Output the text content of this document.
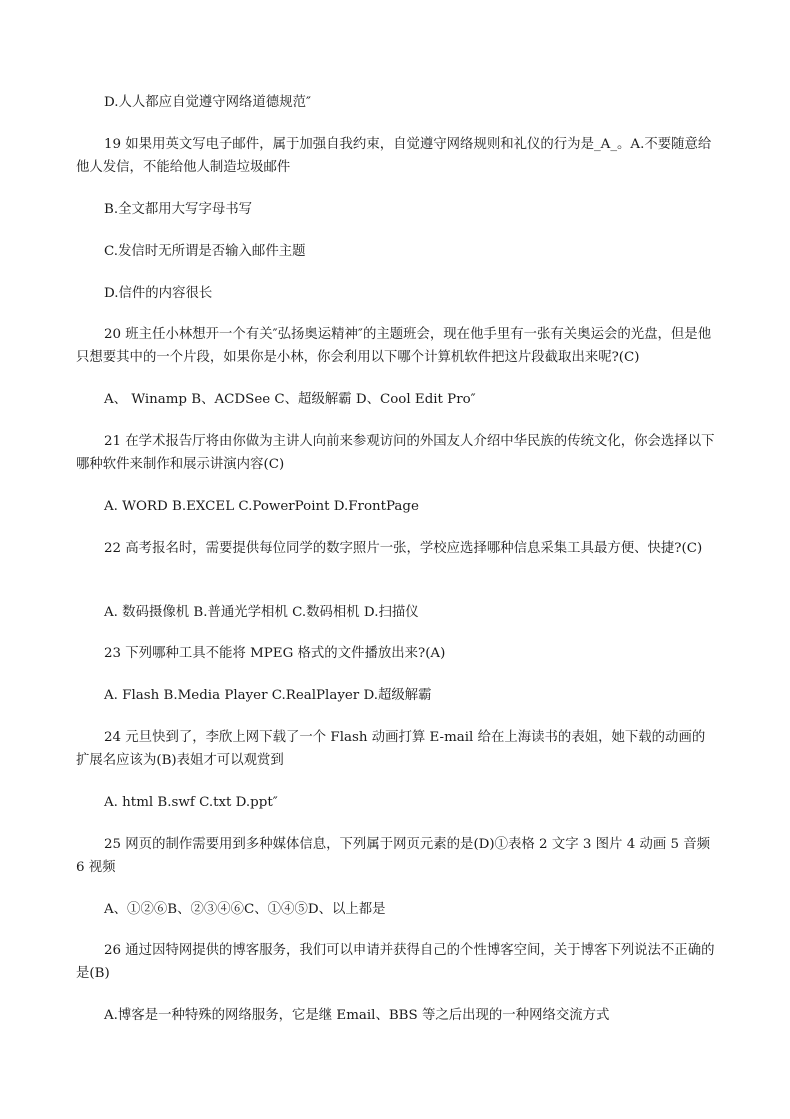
D.人人都应自觉遵守网络道德规范″
19 如果用英文写电子邮件，属于加强自我约束，自觉遵守网络规则和礼仪的行为是_A_。A.不要随意给他人发信，不能给他人制造垃圾邮件
B.全文都用大写字母书写
C.发信时无所谓是否输入邮件主题
D.信件的内容很长
20 班主任小林想开一个有关″弘扬奥运精神″的主题班会，现在他手里有一张有关奥运会的光盘，但是他只想要其中的一个片段，如果你是小林，你会利用以下哪个计算机软件把这片段截取出来呢?(C)
A、 Winamp B、ACDSee C、超级解霸 D、Cool Edit Pro″
21 在学术报告厅将由你做为主讲人向前来参观访问的外国友人介绍中华民族的传统文化，你会选择以下哪种软件来制作和展示讲演内容(C)
A. WORD B.EXCEL C.PowerPoint D.FrontPage
22 高考报名时，需要提供每位同学的数字照片一张，学校应选择哪种信息采集工具最方便、快捷?(C)
A. 数码摄像机 B.普通光学相机 C.数码相机 D.扫描仪
23 下列哪种工具不能将 MPEG 格式的文件播放出来?(A)
A. Flash B.Media Player C.RealPlayer D.超级解霸
24 元旦快到了，李欣上网下载了一个 Flash 动画打算 E-mail 给在上海读书的表姐，她下载的动画的扩展名应该为(B)表姐才可以观赏到
A. html B.swf C.txt D.ppt″
25 网页的制作需要用到多种媒体信息，下列属于网页元素的是(D)①表格 2 文字 3 图片 4 动画 5 音频 6 视频
A、①②⑥B、②③④⑥C、①④⑤D、以上都是
26 通过因特网提供的博客服务，我们可以申请并获得自己的个性博客空间，关于博客下列说法不正确的是(B)
A.博客是一种特殊的网络服务，它是继 Email、BBS 等之后出现的一种网络交流方式
